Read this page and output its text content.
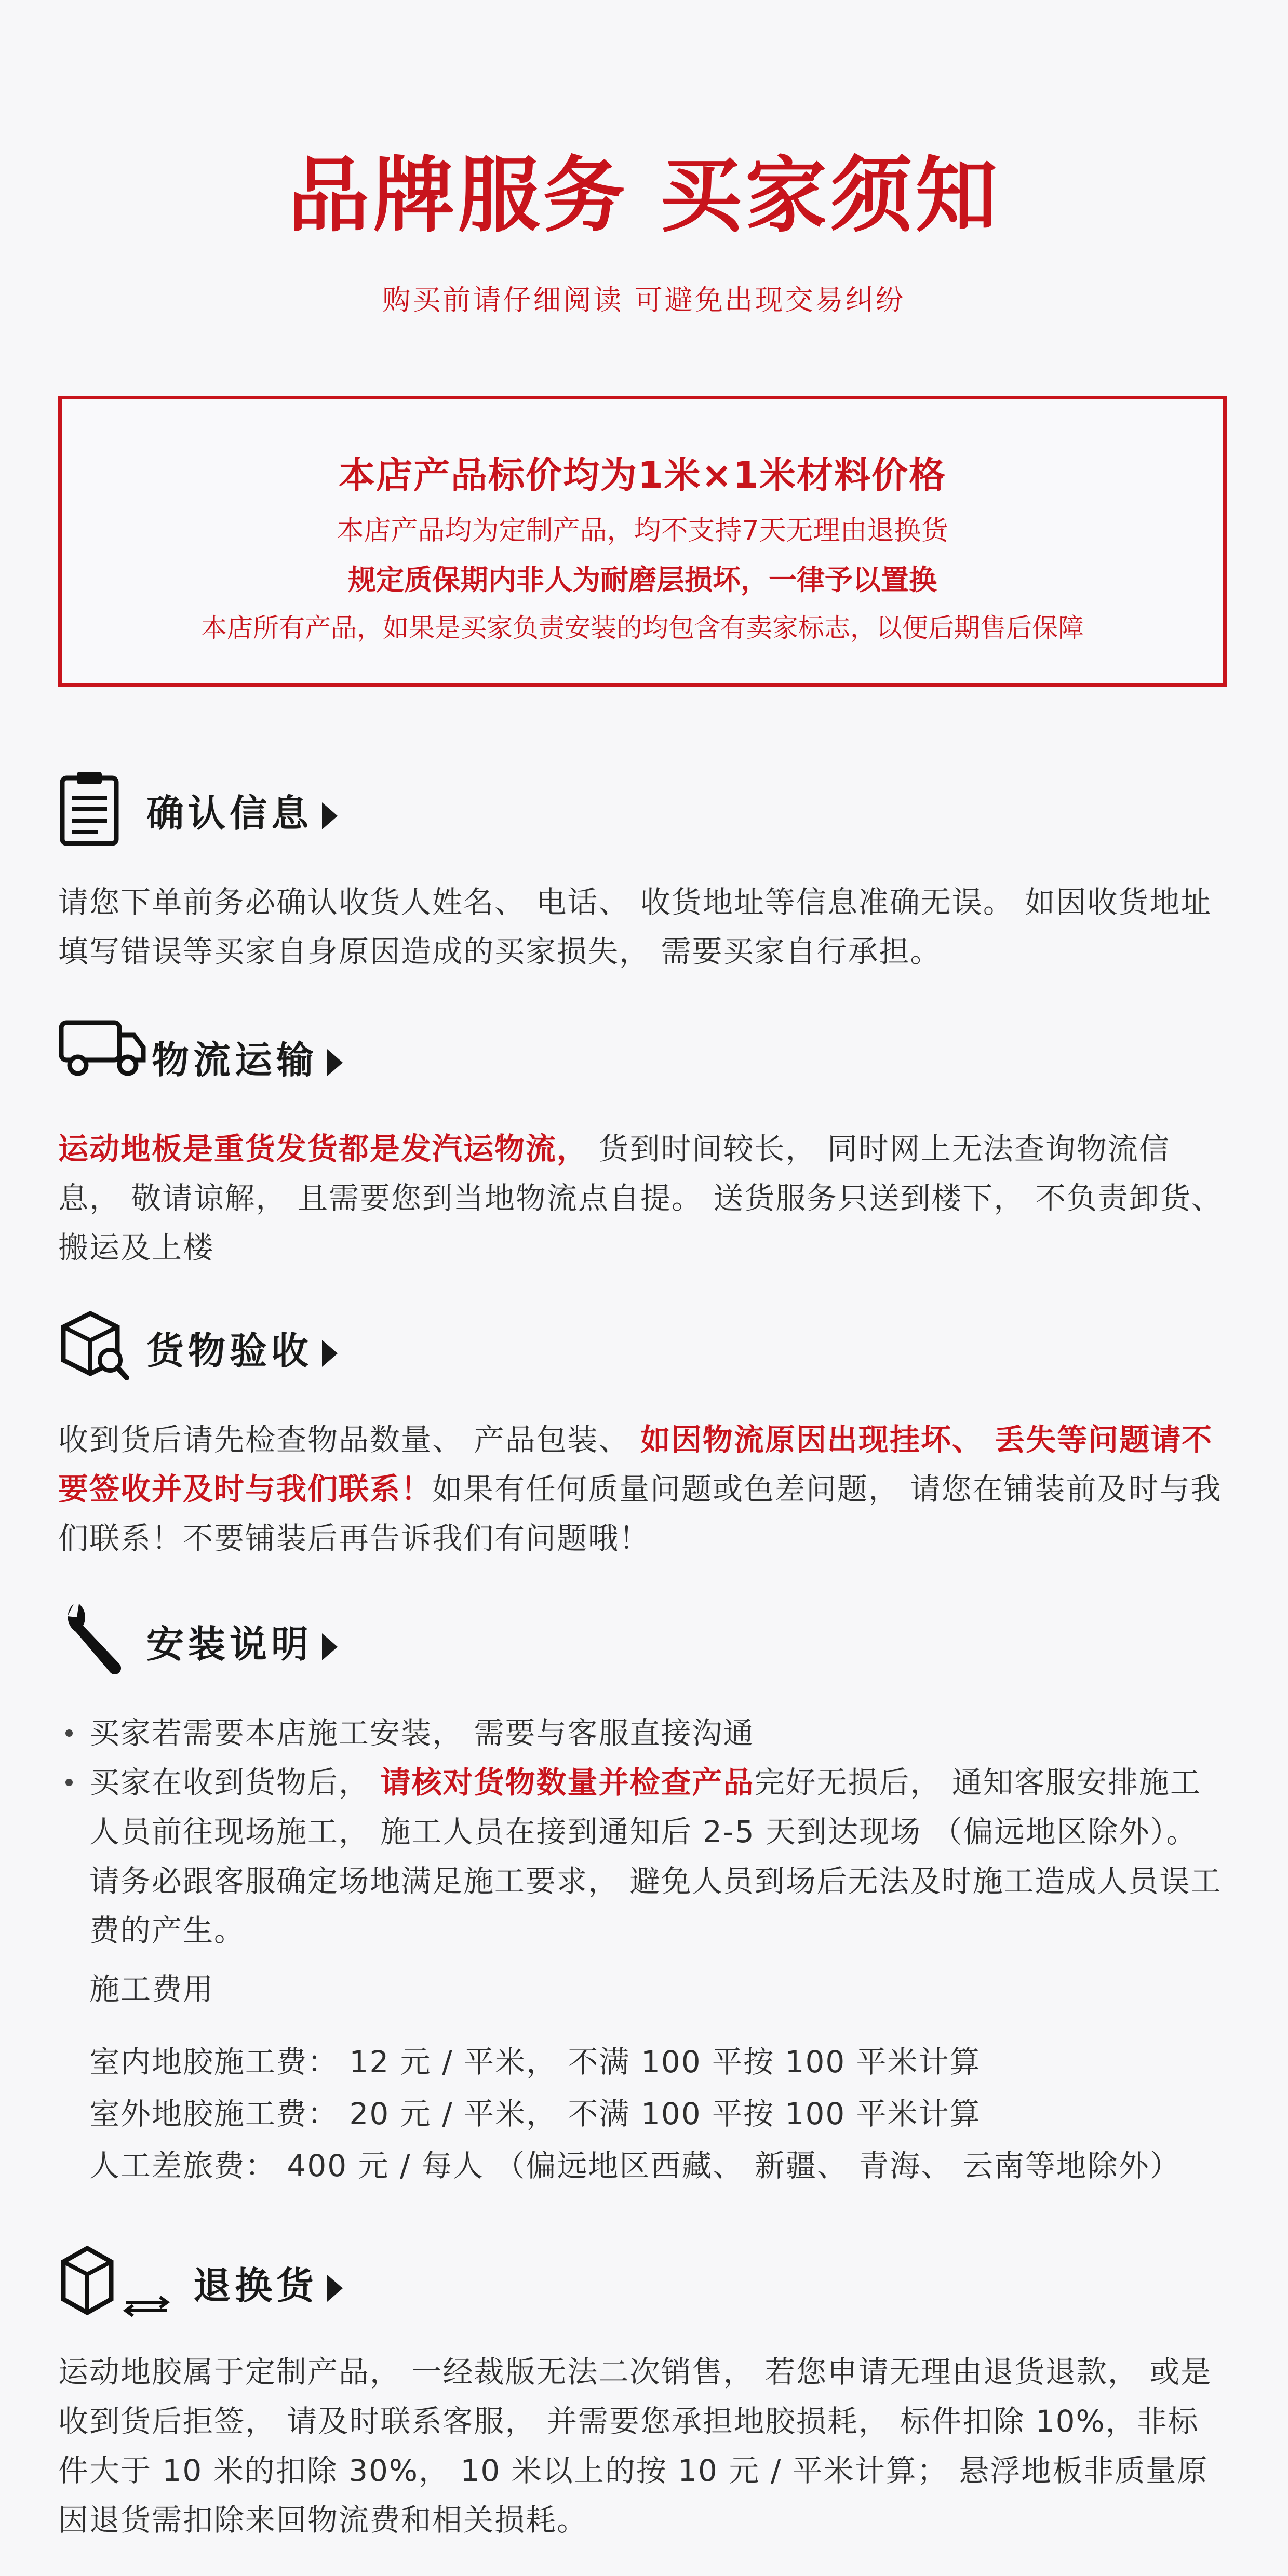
品牌服务 买家须知
购买前请仔细阅读 可避免出现交易纠纷
本店产品标价均为1米×1米材料价格
本店产品均为定制产品，均不支持7天无理由退换货
规定质保期内非人为耐磨层损坏，一律予以置换
本店所有产品，如果是买家负责安装的均包含有卖家标志，以便后期售后保障
确认信息
请您下单前务必确认收货人姓名、 电话、 收货地址等信息准确无误。 如因收货地址填写错误等买家自身原因造成的买家损失， 需要买家自行承担。
物流运输
运动地板是重货发货都是发汽运物流， 货到时间较长， 同时网上无法查询物流信息， 敬请谅解， 且需要您到当地物流点自提。 送货服务只送到楼下， 不负责卸货、 搬运及上楼
货物验收
收到货后请先检查物品数量、 产品包装、 如因物流原因出现挂坏、 丢失等问题请不要签收并及时与我们联系！如果有任何质量问题或色差问题， 请您在铺装前及时与我们联系！不要铺装后再告诉我们有问题哦！
安装说明
买家若需要本店施工安装， 需要与客服直接沟通
买家在收到货物后， 请核对货物数量并检查产品完好无损后， 通知客服安排施工人员前往现场施工， 施工人员在接到通知后 2-5 天到达现场 （偏远地区除外）。请务必跟客服确定场地满足施工要求， 避免人员到场后无法及时施工造成人员误工费的产生。
施工费用
室内地胶施工费： 12 元 / 平米， 不满 100 平按 100 平米计算
室外地胶施工费： 20 元 / 平米， 不满 100 平按 100 平米计算
人工差旅费： 400 元 / 每人 （偏远地区西藏、 新疆、 青海、 云南等地除外）
退换货
运动地胶属于定制产品， 一经裁版无法二次销售， 若您申请无理由退货退款， 或是收到货后拒签， 请及时联系客服， 并需要您承担地胶损耗， 标件扣除 10%，非标件大于 10 米的扣除 30%， 10 米以上的按 10 元 / 平米计算； 悬浮地板非质量原因退货需扣除来回物流费和相关损耗。
